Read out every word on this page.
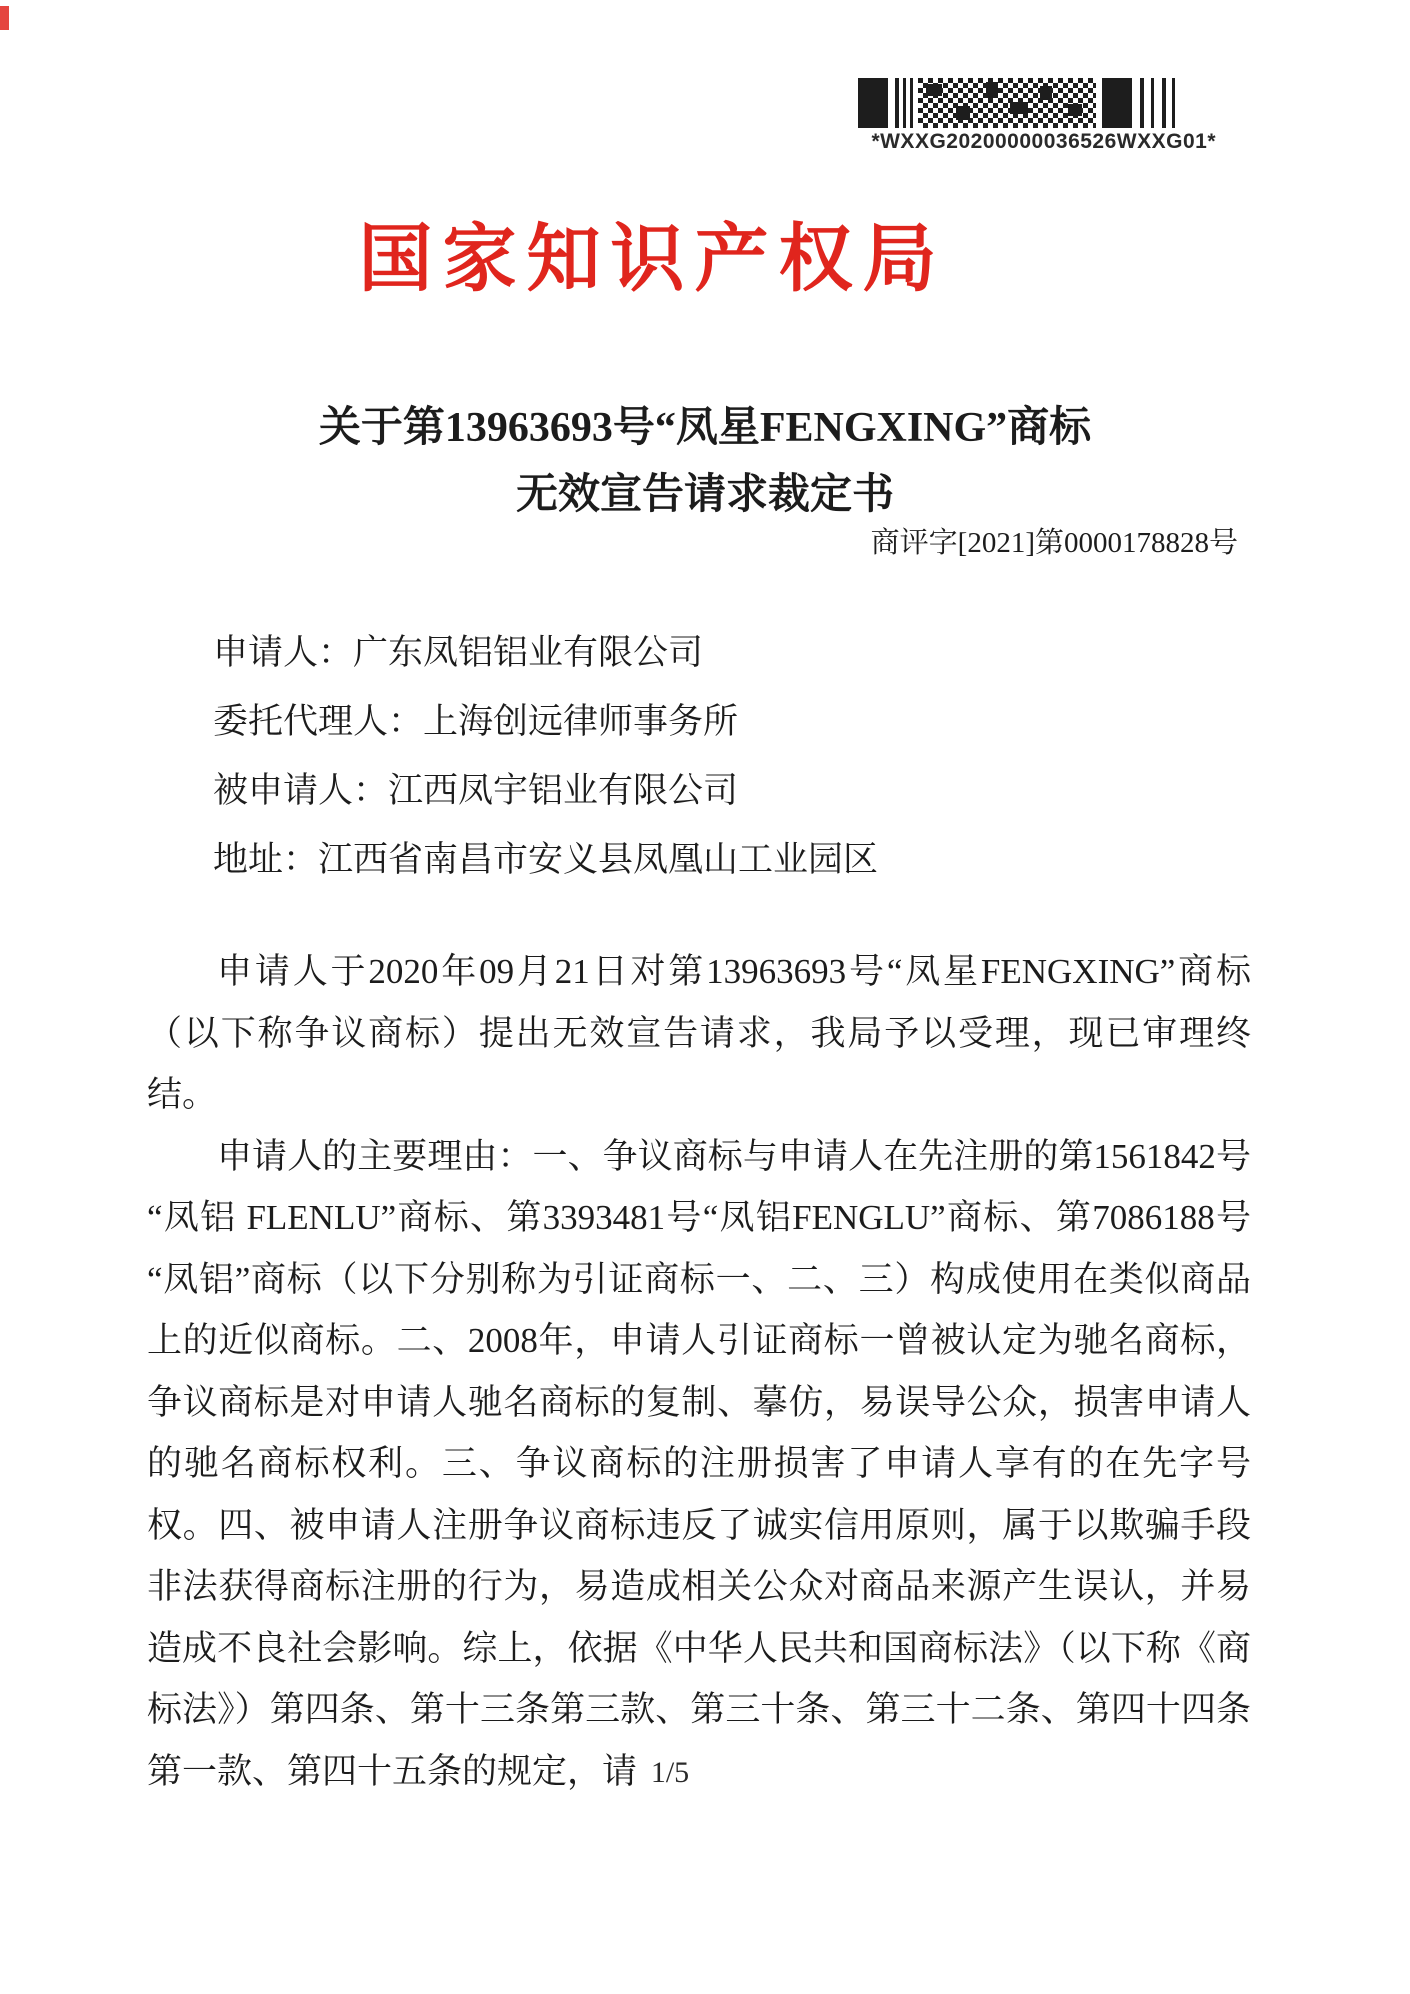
*WXXG20200000036526WXXG01*
国家知识产权局
关于第13963693号“凤星FENGXING”商标
无效宣告请求裁定书
商评字[2021]第0000178828号
申请人：广东凤铝铝业有限公司
委托代理人：上海创远律师事务所
被申请人：江西凤宇铝业有限公司
地址：江西省南昌市安义县凤凰山工业园区

申请人于2020年09月21日对第13963693号“凤星FENGXING”商标（以下称争议商标）提出无效宣告请求，我局予以受理，现已审理终结。

申请人的主要理由：一、争议商标与申请人在先注册的第1561842号“凤铝 FLENLU”商标、第3393481号“凤铝FENGLU”商标、第7086188号“凤铝”商标（以下分别称为引证商标一、二、三）构成使用在类似商品上的近似商标。二、2008年，申请人引证商标一曾被认定为驰名商标，争议商标是对申请人驰名商标的复制、摹仿，易误导公众，损害申请人的驰名商标权利。三、争议商标的注册损害了申请人享有的在先字号权。四、被申请人注册争议商标违反了诚实信用原则，属于以欺骗手段非法获得商标注册的行为，易造成相关公众对商品来源产生误认，并易造成不良社会影响。综上，依据《中华人民共和国商标法》（以下称《商标法》）第四条、第十三条第三款、第三十条、第三十二条、第四十四条第一款、第四十五条的规定，请 1/5
